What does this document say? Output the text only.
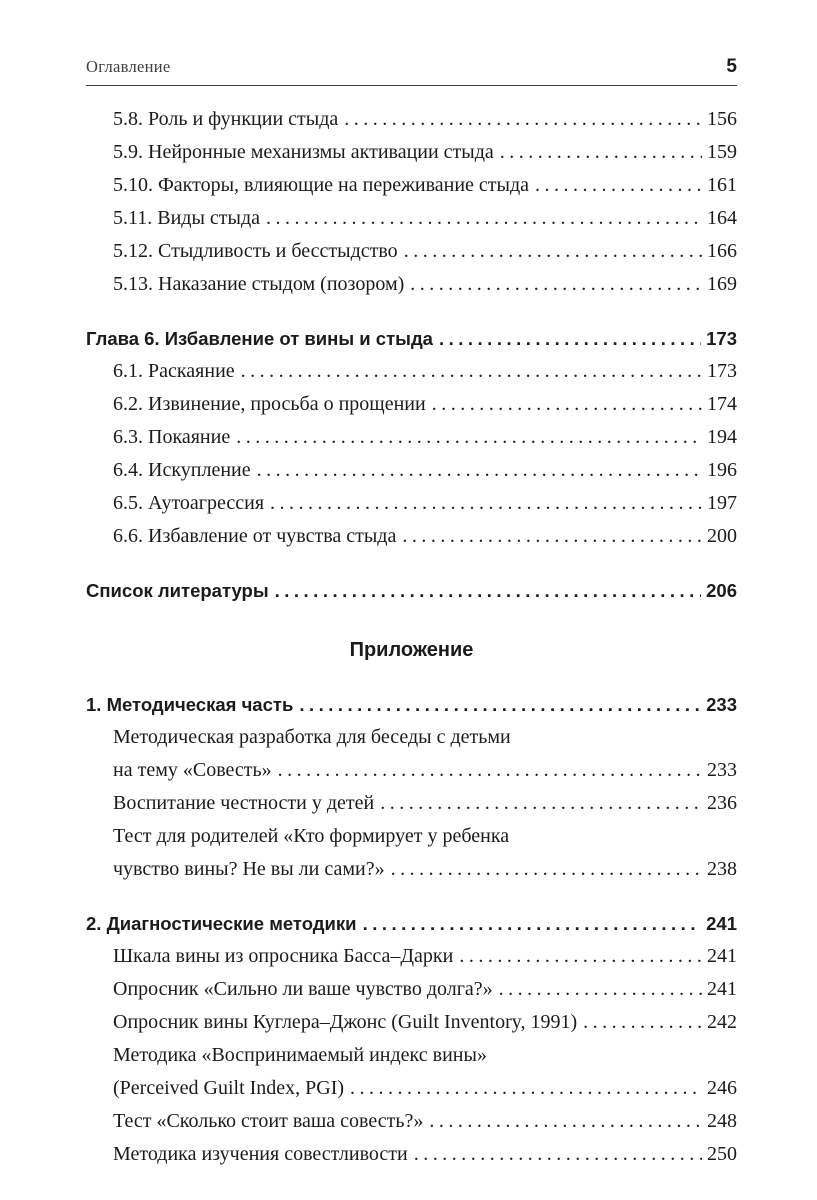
Оглавление	5
5.8. Роль и функции стыда .....	156
5.9. Нейронные механизмы активации стыда .....	159
5.10. Факторы, влияющие на переживание стыда .....	161
5.11. Виды стыда .....	164
5.12. Стыдливость и бесстыдство .....	166
5.13. Наказание стыдом (позором) .....	169
Глава 6. Избавление от вины и стыда .....	173
6.1. Раскаяние .....	173
6.2. Извинение, просьба о прощении .....	174
6.3. Покаяние .....	194
6.4. Искупление .....	196
6.5. Аутоагрессия .....	197
6.6. Избавление от чувства стыда .....	200
Список литературы .....	206
Приложение
1. Методическая часть .....	233
Методическая разработка для беседы с детьми
на тему «Совесть» .....	233
Воспитание честности у детей .....	236
Тест для родителей «Кто формирует у ребенка
чувство вины? Не вы ли сами?» .....	238
2. Диагностические методики .....	241
Шкала вины из опросника Басса–Дарки .....	241
Опросник «Сильно ли ваше чувство долга?» .....	241
Опросник вины Куглера–Джонс (Guilt Inventory, 1991) .....	242
Методика «Воспринимаемый индекс вины»
(Perceived Guilt Index, PGI) .....	246
Тест «Сколько стоит ваша совесть?» .....	248
Методика изучения совестливости .....	250
